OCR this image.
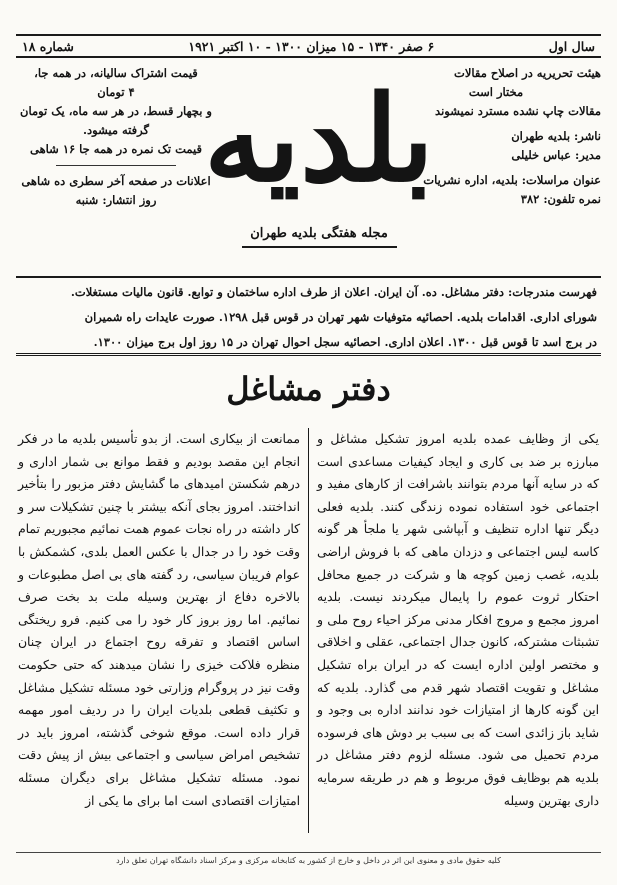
سال اول
۶ صفر ۱۳۴۰ - ۱۵ میزان ۱۳۰۰ - ۱۰ اکتبر ۱۹۲۱
شماره ۱۸
هیئت تحریریه در اصلاح مقالات
مختار است
مقالات چاپ نشده مسترد نمیشوند
ناشر: بلدیه طهران
مدیر: عباس خلیلی
عنوان مراسلات: بلدیه، اداره نشریات
نمره تلفون: ۳۸۲
بلدیه
مجله هفتگی بلدیه طهران
قیمت اشتراک سالیانه، در همه جا،
۴ تومان
و بچهار قسط، در هر سه ماه، یک تومان
گرفته میشود.
قیمت تک نمره در همه جا ۱۶ شاهی
اعلانات در صفحه آخر سطری ده شاهی
روز انتشار: شنبه
فهرست مندرجات: دفتر مشاغل. ده. آن ایران. اعلان از طرف اداره ساختمان و توابع. قانون مالیات مستغلات.
شورای اداری. اقدامات بلدیه. احصائیه متوفیات شهر تهران در قوس قبل ۱۲۹۸. صورت عایدات راه شمیران
در برج اسد تا قوس قبل ۱۳۰۰. اعلان اداری. احصائیه سجل احوال تهران در ۱۵ روز اول برج میزان ۱۳۰۰.
دفتر مشاغل

یکی از وظایف عمده بلدیه امروز تشکیل مشاغل و مبارزه بر ضد بی کاری و ایجاد کیفیات مساعدی است که در سایه آنها مردم بتوانند باشرافت از کارهای مفید و اجتماعی خود استفاده نموده زندگی کنند. بلدیه فعلی دیگر تنها اداره تنظیف و آبپاشی شهر یا ملجأ هر گونه کاسه لیس اجتماعی و دزدان ماهی که با فروش اراضی بلدیه، غصب زمین کوچه ها و شرکت در جمیع محافل احتکار ثروت عموم را پایمال میکردند نیست. بلدیه امروز مجمع و مروج افکار مدنی مرکز احیاء روح ملی و تشبثات مشترکه، کانون جدال اجتماعی، عقلی و اخلاقی و مختصر اولین اداره ایست که در ایران براه تشکیل مشاغل و تقویت اقتصاد شهر قدم می گذارد. بلدیه که این گونه کارها از امتیازات خود ندانند اداره بی وجود و شاید باز زائدی است که بی سبب بر دوش های فرسوده مردم تحمیل می شود. مسئله لزوم دفتر مشاغل در بلدیه هم بوظایف فوق مربوط و هم در طریقه سرمایه داری بهترین وسیله

ممانعت از بیکاری است. از بدو تأسیس بلدیه ما در فکر انجام این مقصد بودیم و فقط موانع بی شمار اداری و درهم شکستن امیدهای ما گشایش دفتر مزبور را بتأخیر انداختند. امروز بجای آنکه بیشتر با چنین تشکیلات سر و کار داشته در راه نجات عموم همت نمائیم مجبوریم تمام وقت خود را در جدال با عکس العمل بلدی، کشمکش با عوام فریبان سیاسی، رد گفته های بی اصل مطبوعات و بالاخره دفاع از بهترین وسیله ملت بد بخت صرف نمائیم. اما روز بروز کار خود را می کنیم. فرو ریختگی اساس اقتصاد و تفرقه روح اجتماع در ایران چنان منظره فلاکت خیزی را نشان میدهند که حتی حکومت وقت نیز در پروگرام وزارتی خود مسئله تشکیل مشاغل و تکثیف قطعی بلدیات ایران را در ردیف امور مهمه قرار داده است. موقع شوخی گذشته، امروز باید در تشخیص امراض سیاسی و اجتماعی بیش از پیش دقت نمود. مسئله تشکیل مشاغل برای دیگران مسئله امتیازات اقتصادی است اما برای ما یکی از

کلیه حقوق مادی و معنوی این اثر در داخل و خارج از کشور به کتابخانه مرکزی و مرکز اسناد دانشگاه تهران تعلق دارد
